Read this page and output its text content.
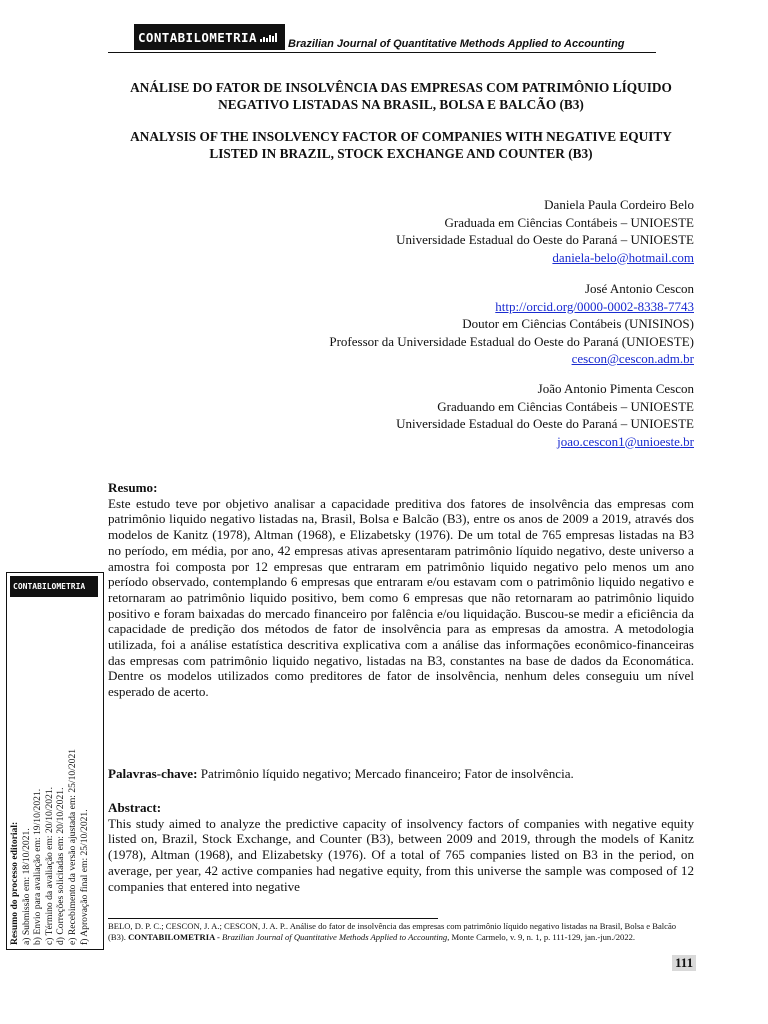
CONTABILOMETRIA	Brazilian Journal of Quantitative Methods Applied to Accounting
ANÁLISE DO FATOR DE INSOLVÊNCIA DAS EMPRESAS COM PATRIMÔNIO LÍQUIDO NEGATIVO LISTADAS NA BRASIL, BOLSA E BALCÃO (B3)
ANALYSIS OF THE INSOLVENCY FACTOR OF COMPANIES WITH NEGATIVE EQUITY LISTED IN BRAZIL, STOCK EXCHANGE AND COUNTER (B3)
Daniela Paula Cordeiro Belo
Graduada em Ciências Contábeis – UNIOESTE
Universidade Estadual do Oeste do Paraná – UNIOESTE
daniela-belo@hotmail.com
José Antonio Cescon
http://orcid.org/0000-0002-8338-7743
Doutor em Ciências Contábeis (UNISINOS)
Professor da Universidade Estadual do Oeste do Paraná (UNIOESTE)
cescon@cescon.adm.br
João Antonio Pimenta Cescon
Graduando em Ciências Contábeis – UNIOESTE
Universidade Estadual do Oeste do Paraná – UNIOESTE
joao.cescon1@unioeste.br
Resumo:
Este estudo teve por objetivo analisar a capacidade preditiva dos fatores de insolvência das empresas com patrimônio liquido negativo listadas na, Brasil, Bolsa e Balcão (B3), entre os anos de 2009 a 2019, através dos modelos de Kanitz (1978), Altman (1968), e Elizabetsky (1976). De um total de 765 empresas listadas na B3 no período, em média, por ano, 42 empresas ativas apresentaram patrimônio líquido negativo, deste universo a amostra foi composta por 12 empresas que entraram em patrimônio liquido negativo pelo menos um ano período observado, contemplando 6 empresas que entraram e/ou estavam com o patrimônio liquido negativo e retornaram ao patrimônio liquido positivo, bem como 6 empresas que não retornaram ao patrimônio liquido positivo e foram baixadas do mercado financeiro por falência e/ou liquidação. Buscou-se medir a eficiência da capacidade de predição dos métodos de fator de insolvência para as empresas da amostra. A metodologia utilizada, foi a análise estatística descritiva explicativa com a análise das informações econômico-financeiras das empresas com patrimônio liquido negativo, listadas na B3, constantes na base de dados da Economática. Dentre os modelos utilizados como preditores de fator de insolvência, nenhum deles conseguiu um nível esperado de acerto.
Palavras-chave: Patrimônio líquido negativo; Mercado financeiro; Fator de insolvência.
Abstract:
This study aimed to analyze the predictive capacity of insolvency factors of companies with negative equity listed on, Brazil, Stock Exchange, and Counter (B3), between 2009 and 2019, through the models of Kanitz (1978), Altman (1968), and Elizabetsky (1976). Of a total of 765 companies listed on B3 in the period, on average, per year, 42 active companies had negative equity, from this universe the sample was composed of 12 companies that entered into negative
CONTABILOMETRIA
Resumo do processo editorial: a) Submissão em: 18/10/2021. b) Envio para avaliação em: 19/10/2021. c) Término da avaliação em: 20/10/2021. d) Correções solicitadas em: 20/10/2021. e) Recebimento da versão ajustada em: 25/10/2021 f) Aprovação final em: 25/10/2021. BELO, D. P. C.; CESCON, J. A.; CESCON, J. A. P.. Análise do fator de insolvência das empresas com patrimônio líquido negativo listadas na Brasil, Bolsa e Balcão (B3). CONTABILOMETRIA - Brazilian Journal of Quantitative Methods Applied to Accounting, Monte Carmelo, v. 9, n. 1, p. 111-129, jan.-jun./2022.
111
